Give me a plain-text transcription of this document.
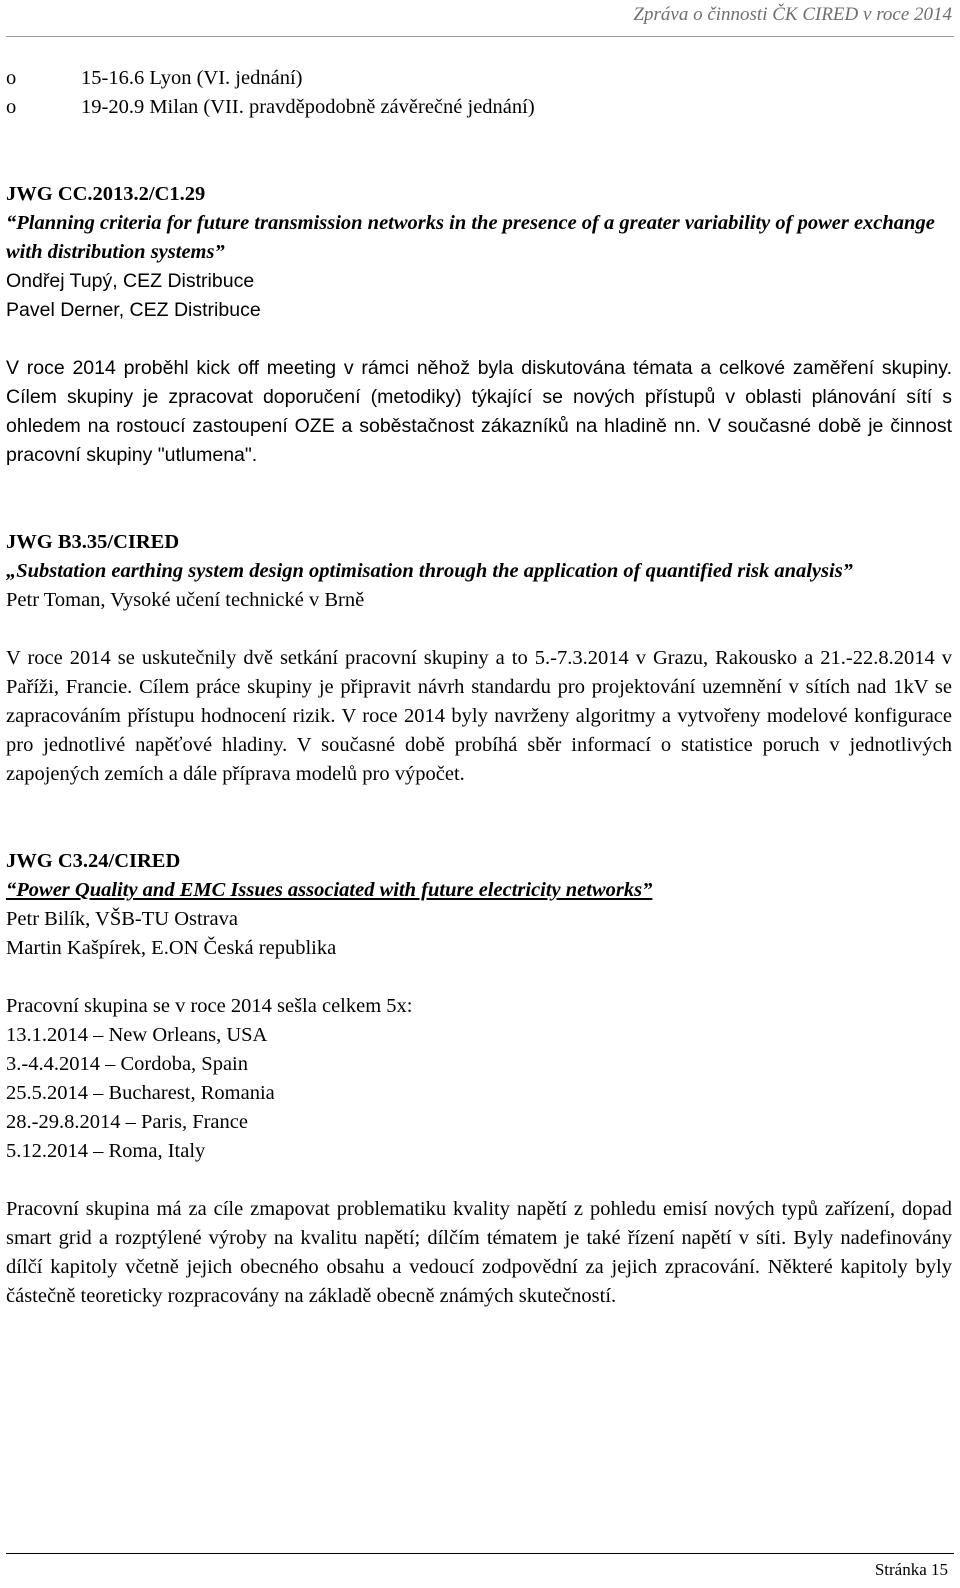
Zpráva o činnosti ČK CIRED v roce 2014
o	15-16.6 Lyon (VI. jednání)
o	19-20.9 Milan (VII. pravděpodobně závěrečné jednání)
JWG CC.2013.2/C1.29
“Planning criteria for future transmission networks in the presence of a greater variability of power exchange with distribution systems”
Ondřej Tupý, CEZ Distribuce
Pavel Derner, CEZ Distribuce
V roce 2014 proběhl kick off meeting v rámci něhož byla diskutována témata a celkové zaměření skupiny. Cílem skupiny je zpracovat doporučení (metodiky) týkající se nových přístupů v oblasti plánování sítí s ohledem na rostoucí zastoupení OZE a soběstačnost zákazníků na hladině nn. V současné době je činnost pracovní skupiny "utlumena".
JWG B3.35/CIRED
„Substation earthing system design optimisation through the application of quantified risk analysis”
Petr Toman, Vysoké učení technické v Brně
V roce 2014 se uskutečnily dvě setkání pracovní skupiny a to 5.-7.3.2014 v Grazu, Rakousko a 21.-22.8.2014 v Paříži, Francie. Cílem práce skupiny je připravit návrh standardu pro projektování uzemnění v sítích nad 1kV se zapracováním přístupu hodnocení rizik. V roce 2014 byly navrženy algoritmy a vytvořeny modelové konfigurace pro jednotlivé napěťové hladiny. V současné době probíhá sběr informací o statistice poruch v jednotlivých zapojených zemích a dále příprava modelů pro výpočet.
JWG C3.24/CIRED
“Power Quality and EMC Issues associated with future electricity networks”
Petr Bilík, VŠB-TU Ostrava
Martin Kašpírek, E.ON Česká republika
Pracovní skupina se v roce 2014 sešla celkem 5x:
13.1.2014 – New Orleans, USA
3.-4.4.2014 – Cordoba, Spain
25.5.2014 – Bucharest, Romania
28.-29.8.2014 – Paris, France
5.12.2014 – Roma, Italy
Pracovní skupina má za cíle zmapovat problematiku kvality napětí z pohledu emisí nových typů zařízení, dopad smart grid a rozptýlené výroby na kvalitu napětí; dílčím tématem je také řízení napětí v síti. Byly nadefinovány dílčí kapitoly včetně jejich obecného obsahu a vedoucí zodpovědní za jejich zpracování. Některé kapitoly byly částečně teoreticky rozpracovány na základě obecně známých skutečností.
Stránka 15
